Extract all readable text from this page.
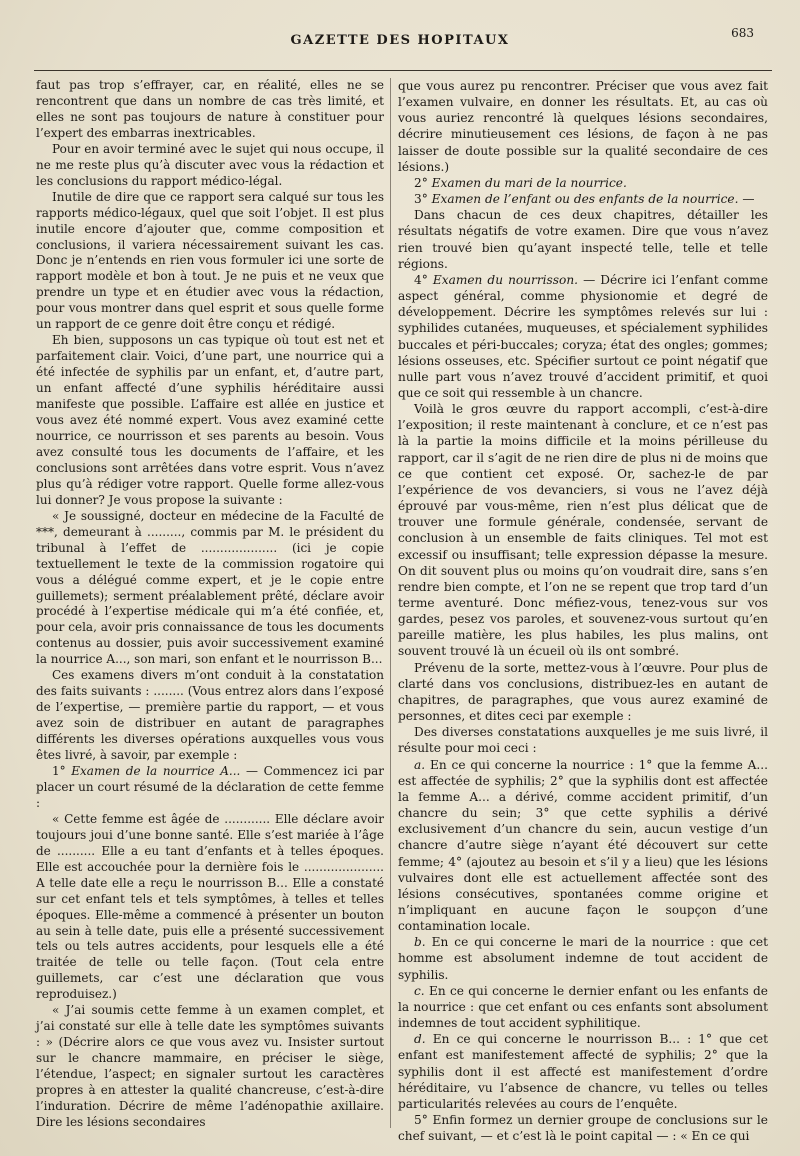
GAZETTE DES HOPITAUX	683

faut pas trop s’effrayer, car, en réalité, elles ne se rencontrent que dans un nombre de cas très limité, et elles ne sont pas toujours de nature à constituer pour l’expert des embarras inextricables.

Pour en avoir terminé avec le sujet qui nous occupe, il ne me reste plus qu’à discuter avec vous la rédaction et les conclusions du rapport médico-légal.

Inutile de dire que ce rapport sera calqué sur tous les rapports médico-légaux, quel que soit l’objet. Il est plus inutile encore d’ajouter que, comme composition et conclusions, il variera nécessairement suivant les cas. Donc je n’entends en rien vous formuler ici une sorte de rapport modèle et bon à tout. Je ne puis et ne veux que prendre un type et en étudier avec vous la rédaction, pour vous montrer dans quel esprit et sous quelle forme un rapport de ce genre doit être conçu et rédigé.

Eh bien, supposons un cas typique où tout est net et parfaitement clair. Voici, d’une part, une nourrice qui a été infectée de syphilis par un enfant, et, d’autre part, un enfant affecté d’une syphilis héréditaire aussi manifeste que possible. L’affaire est allée en justice et vous avez été nommé expert. Vous avez examiné cette nourrice, ce nourrisson et ses parents au besoin. Vous avez consulté tous les documents de l’affaire, et les conclusions sont arrêtées dans votre esprit. Vous n’avez plus qu’à rédiger votre rapport. Quelle forme allez-vous lui donner? Je vous propose la suivante :

« Je soussigné, docteur en médecine de la Faculté de ***, demeurant à ........., commis par M. le président du tribunal à l’effet de .................... (ici je copie textuellement le texte de la commission rogatoire qui vous a délégué comme expert, et je le copie entre guillemets); serment préalablement prêté, déclare avoir procédé à l’expertise médicale qui m’a été confiée, et, pour cela, avoir pris connaissance de tous les documents contenus au dossier, puis avoir successivement examiné la nourrice A..., son mari, son enfant et le nourrisson B...

Ces examens divers m’ont conduit à la constatation des faits suivants : ........ (Vous entrez alors dans l’exposé de l’expertise, — première partie du rapport, — et vous avez soin de distribuer en autant de paragraphes différents les diverses opérations auxquelles vous vous êtes livré, à savoir, par exemple :

1° Examen de la nourrice A... — Commencez ici par placer un court résumé de la déclaration de cette femme :

« Cette femme est âgée de ............ Elle déclare avoir toujours joui d’une bonne santé. Elle s’est mariée à l’âge de .......... Elle a eu tant d’enfants et à telles époques. Elle est accouchée pour la dernière fois le ..................... A telle date elle a reçu le nourrisson B... Elle a constaté sur cet enfant tels et tels symptômes, à telles et telles époques. Elle-même a commencé à présenter un bouton au sein à telle date, puis elle a présenté successivement tels ou tels autres accidents, pour lesquels elle a été traitée de telle ou telle façon. (Tout cela entre guillemets, car c’est une déclaration que vous reproduisez.)

« J’ai soumis cette femme à un examen complet, et j’ai constaté sur elle à telle date les symptômes suivants : » (Décrire alors ce que vous avez vu. Insister surtout sur le chancre mammaire, en préciser le siège, l’étendue, l’aspect; en signaler surtout les caractères propres à en attester la qualité chancreuse, c’est-à-dire l’induration. Décrire de même l’adénopathie axillaire. Dire les lésions secondaires

que vous aurez pu rencontrer. Préciser que vous avez fait l’examen vulvaire, en donner les résultats. Et, au cas où vous auriez rencontré là quelques lésions secondaires, décrire minutieusement ces lésions, de façon à ne pas laisser de doute possible sur la qualité secondaire de ces lésions.)

2° Examen du mari de la nourrice.

3° Examen de l’enfant ou des enfants de la nourrice. —

Dans chacun de ces deux chapitres, détailler les résultats négatifs de votre examen. Dire que vous n’avez rien trouvé bien qu’ayant inspecté telle, telle et telle régions.

4° Examen du nourrisson. — Décrire ici l’enfant comme aspect général, comme physionomie et degré de développement. Décrire les symptômes relevés sur lui : syphilides cutanées, muqueuses, et spécialement syphilides buccales et péri-buccales; coryza; état des ongles; gommes; lésions osseuses, etc. Spécifier surtout ce point négatif que nulle part vous n’avez trouvé d’accident primitif, et quoi que ce soit qui ressemble à un chancre.

Voilà le gros œuvre du rapport accompli, c’est-à-dire l’exposition; il reste maintenant à conclure, et ce n’est pas là la partie la moins difficile et la moins périlleuse du rapport, car il s’agit de ne rien dire de plus ni de moins que ce que contient cet exposé. Or, sachez-le de par l’expérience de vos devanciers, si vous ne l’avez déjà éprouvé par vous-même, rien n’est plus délicat que de trouver une formule générale, condensée, servant de conclusion à un ensemble de faits cliniques. Tel mot est excessif ou insuffisant; telle expression dépasse la mesure. On dit souvent plus ou moins qu’on voudrait dire, sans s’en rendre bien compte, et l’on ne se repent que trop tard d’un terme aventuré. Donc méfiez-vous, tenez-vous sur vos gardes, pesez vos paroles, et souvenez-vous surtout qu’en pareille matière, les plus habiles, les plus malins, ont souvent trouvé là un écueil où ils ont sombré.

Prévenu de la sorte, mettez-vous à l’œuvre. Pour plus de clarté dans vos conclusions, distribuez-les en autant de chapitres, de paragraphes, que vous aurez examiné de personnes, et dites ceci par exemple :

Des diverses constatations auxquelles je me suis livré, il résulte pour moi ceci :

a. En ce qui concerne la nourrice : 1° que la femme A... est affectée de syphilis; 2° que la syphilis dont est affectée la femme A... a dérivé, comme accident primitif, d’un chancre du sein; 3° que cette syphilis a dérivé exclusivement d’un chancre du sein, aucun vestige d’un chancre d’autre siège n’ayant été découvert sur cette femme; 4° (ajoutez au besoin et s’il y a lieu) que les lésions vulvaires dont elle est actuellement affectée sont des lésions consécutives, spontanées comme origine et n’impliquant en aucune façon le soupçon d’une contamination locale.

b. En ce qui concerne le mari de la nourrice : que cet homme est absolument indemne de tout accident de syphilis.

c. En ce qui concerne le dernier enfant ou les enfants de la nourrice : que cet enfant ou ces enfants sont absolument indemnes de tout accident syphilitique.

d. En ce qui concerne le nourrisson B... : 1° que cet enfant est manifestement affecté de syphilis; 2° que la syphilis dont il est affecté est manifestement d’ordre héréditaire, vu l’absence de chancre, vu telles ou telles particularités relevées au cours de l’enquête.

5° Enfin formez un dernier groupe de conclusions sur le chef suivant, — et c’est là le point capital — : « En ce qui
